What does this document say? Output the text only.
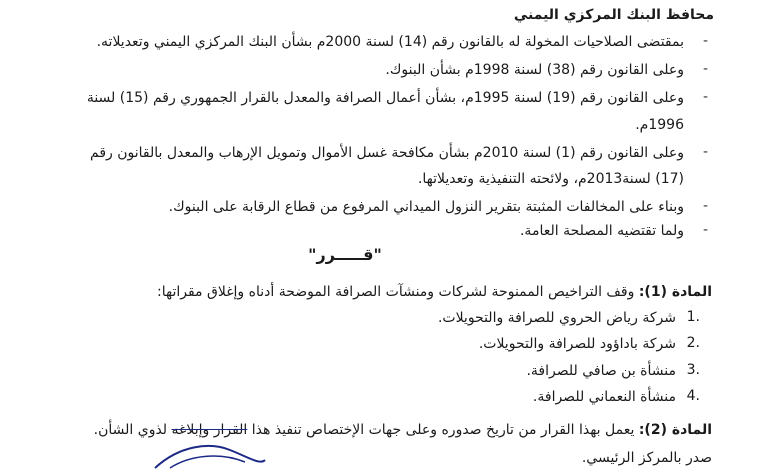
محافظ البنك المركزي اليمني
-
بمقتضى الصلاحيات المخولة له بالقانون رقم (14) لسنة 2000م بشأن البنك المركزي اليمني وتعديلاته.
-
وعلى القانون رقم (38) لسنة 1998م بشأن البنوك.
-
وعلى القانون رقم (19) لسنة 1995م، بشأن أعمال الصرافة والمعدل بالقرار الجمهوري رقم (15) لسنة
1996م.
-
وعلى القانون رقم (1) لسنة 2010م بشأن مكافحة غسل الأموال وتمويل الإرهاب والمعدل بالقانون رقم
(17) لسنة2013م، ولائحته التنفيذية وتعديلاتها.
-
وبناء على المخالفات المثبتة بتقرير النزول الميداني المرفوع من قطاع الرقابة على البنوك.
-
ولما تقتضيه المصلحة العامة.
"قـــــرر"
المادة (1): وقف التراخيص الممنوحة لشركات ومنشآت الصرافة الموضحة أدناه وإغلاق مقراتها:
1.
شركة رياض الحروي للصرافة والتحويلات.
2.
شركة باداؤود للصرافة والتحويلات.
3.
منشأة بن صافي للصرافة.
4.
منشأة النعماني للصرافة.
المادة (2): يعمل بهذا القرار من تاريخ صدوره وعلى جهات الإختصاص تنفيذ هذا القرار وإبلاغه لذوي الشأن.
صدر بالمركز الرئيسي.
